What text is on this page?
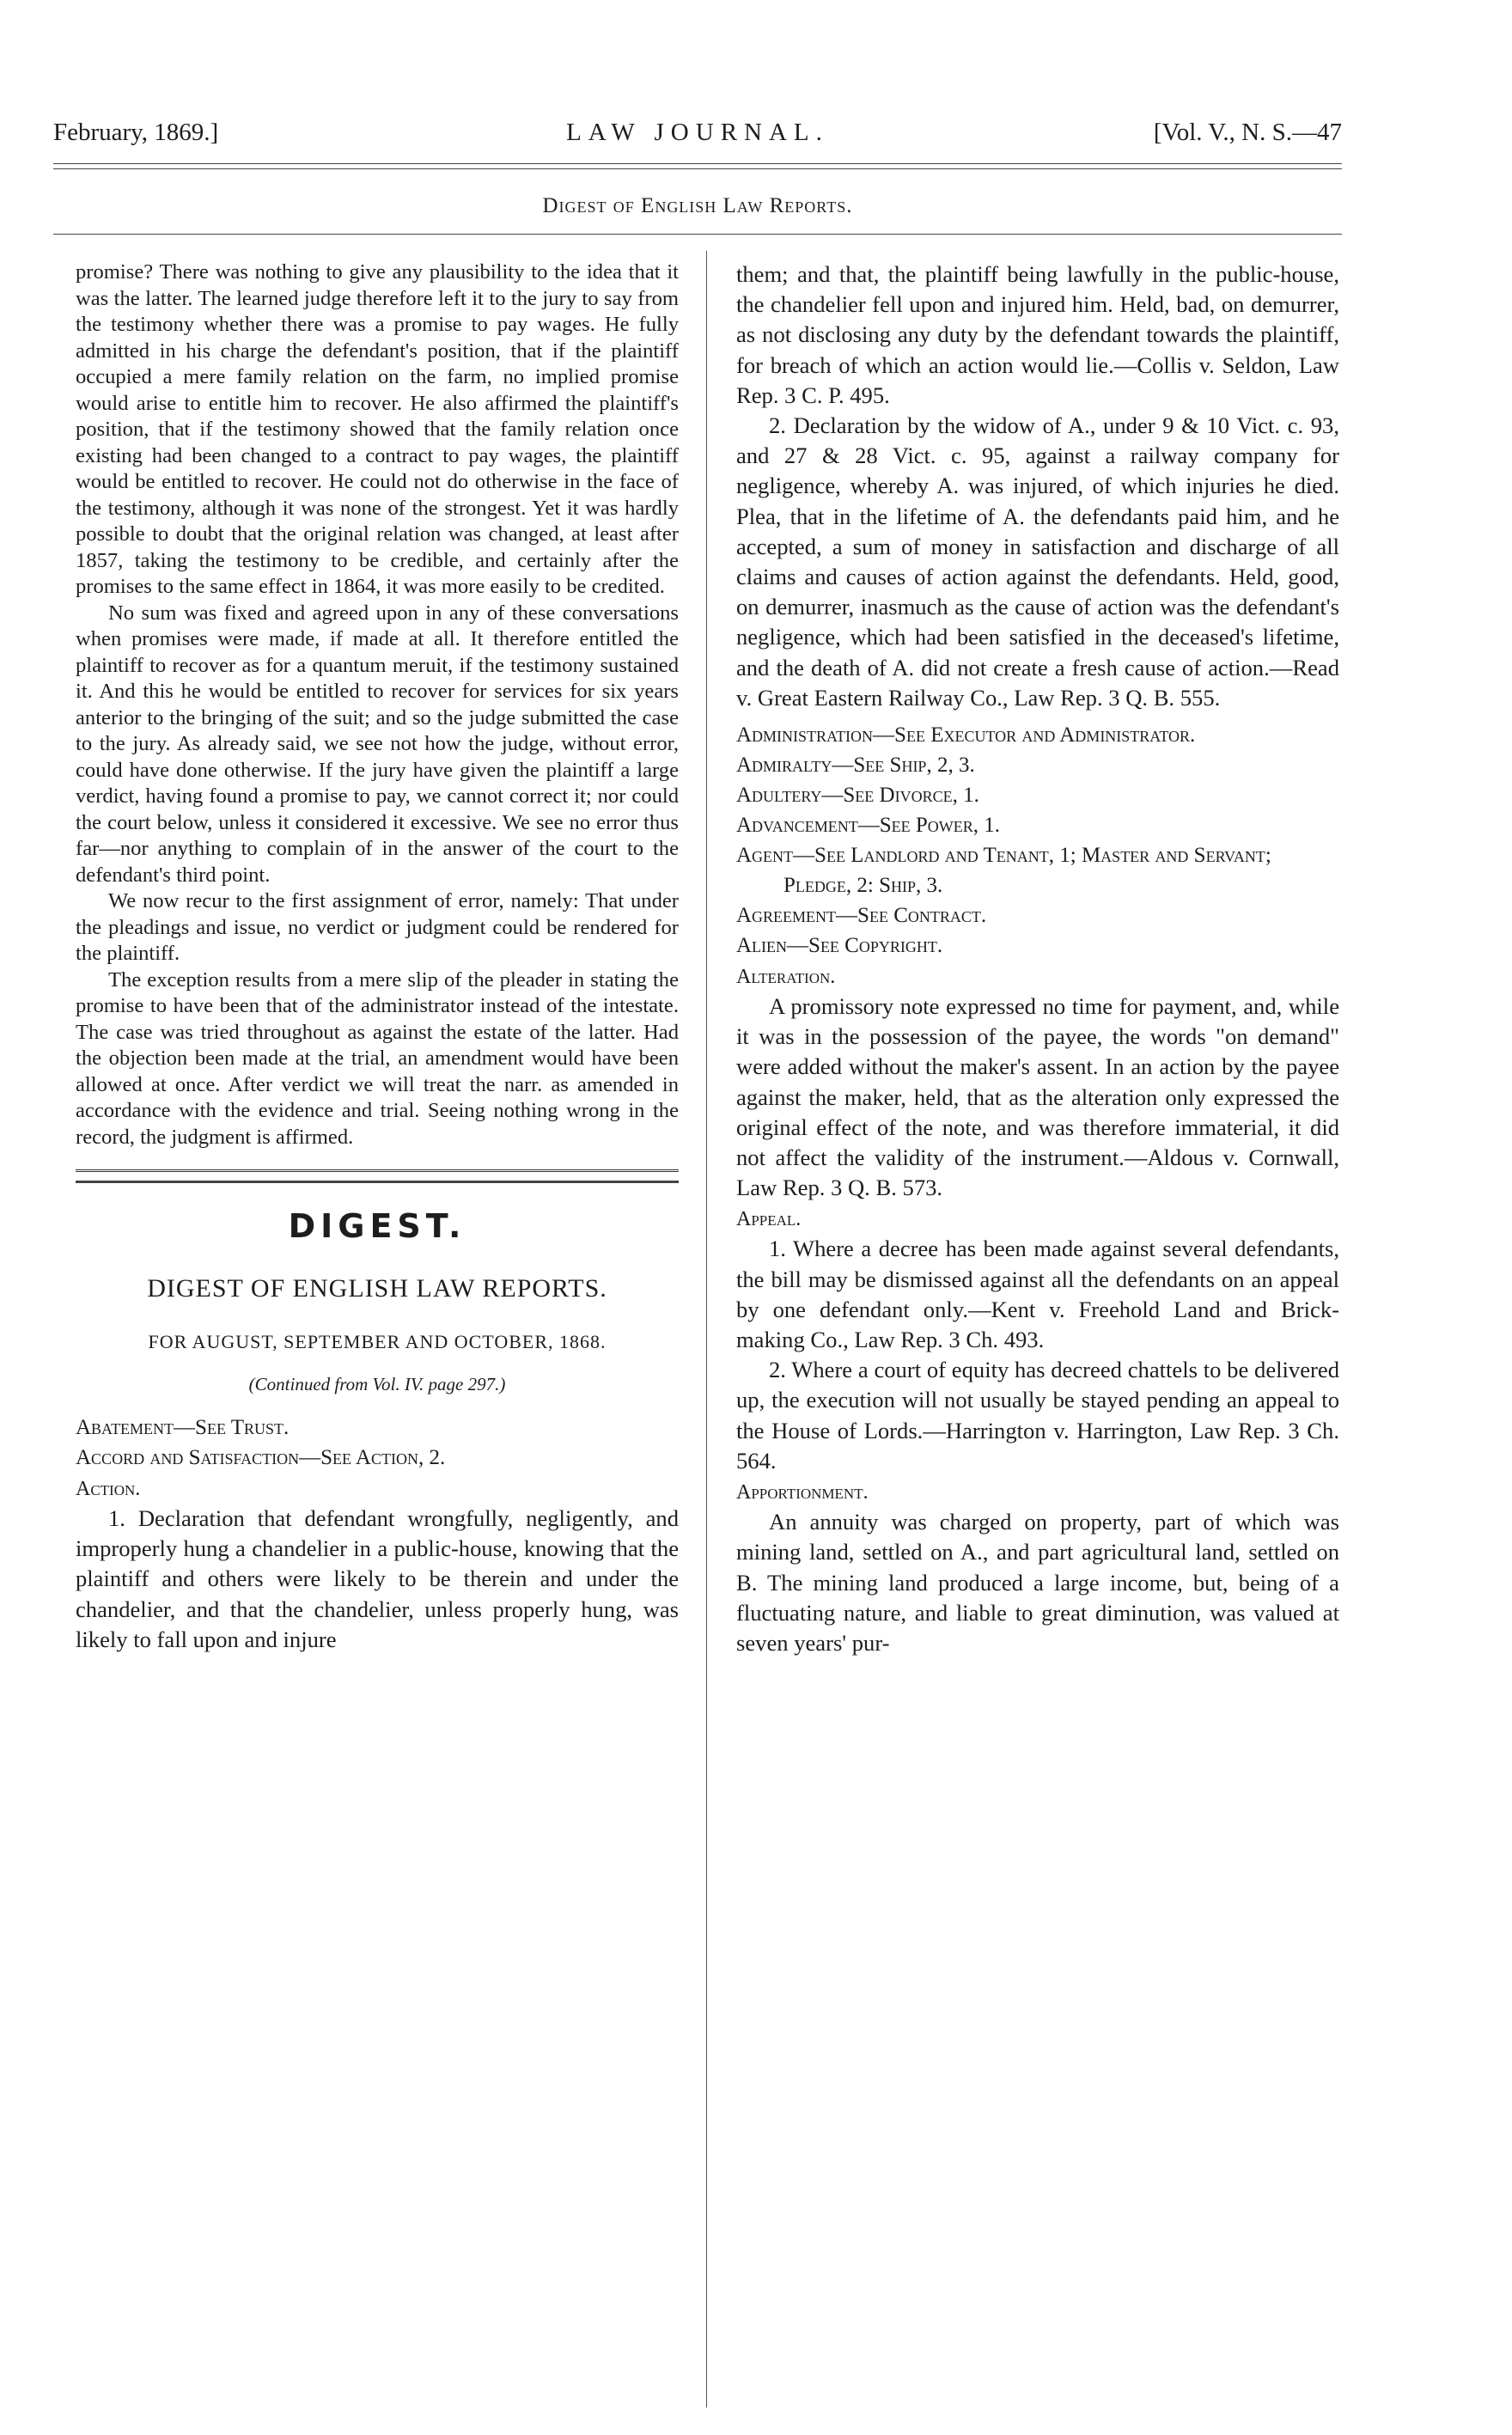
February, 1869.]	LAW JOURNAL.	[Vol. V., N. S.—47
Digest of English Law Reports.

promise? There was nothing to give any plausibility to the idea that it was the latter. The learned judge therefore left it to the jury to say from the testimony whether there was a promise to pay wages. He fully admitted in his charge the defendant's position, that if the plaintiff occupied a mere family relation on the farm, no implied promise would arise to entitle him to recover. He also affirmed the plaintiff's position, that if the testimony showed that the family relation once existing had been changed to a contract to pay wages, the plaintiff would be entitled to recover. He could not do otherwise in the face of the testimony, although it was none of the strongest. Yet it was hardly possible to doubt that the original relation was changed, at least after 1857, taking the testimony to be credible, and certainly after the promises to the same effect in 1864, it was more easily to be credited.

No sum was fixed and agreed upon in any of these conversations when promises were made, if made at all. It therefore entitled the plaintiff to recover as for a quantum meruit, if the testimony sustained it. And this he would be entitled to recover for services for six years anterior to the bringing of the suit; and so the judge submitted the case to the jury. As already said, we see not how the judge, without error, could have done otherwise. If the jury have given the plaintiff a large verdict, having found a promise to pay, we cannot correct it; nor could the court below, unless it considered it excessive. We see no error thus far—nor anything to complain of in the answer of the court to the defendant's third point.

We now recur to the first assignment of error, namely: That under the pleadings and issue, no verdict or judgment could be rendered for the plaintiff.

The exception results from a mere slip of the pleader in stating the promise to have been that of the administrator instead of the intestate. The case was tried throughout as against the estate of the latter. Had the objection been made at the trial, an amendment would have been allowed at once. After verdict we will treat the narr. as amended in accordance with the evidence and trial. Seeing nothing wrong in the record, the judgment is affirmed.

DIGEST.
DIGEST OF ENGLISH LAW REPORTS.
FOR AUGUST, SEPTEMBER AND OCTOBER, 1868.
(Continued from Vol. IV. page 297.)

Abatement—See Trust.

Accord and Satisfaction—See Action, 2.

Action.

1. Declaration that defendant wrongfully, negligently, and improperly hung a chandelier in a public-house, knowing that the plaintiff and others were likely to be therein and under the chandelier, and that the chandelier, unless properly hung, was likely to fall upon and injure

them; and that, the plaintiff being lawfully in the public-house, the chandelier fell upon and injured him. Held, bad, on demurrer, as not disclosing any duty by the defendant towards the plaintiff, for breach of which an action would lie.—Collis v. Seldon, Law Rep. 3 C. P. 495.

2. Declaration by the widow of A., under 9 & 10 Vict. c. 93, and 27 & 28 Vict. c. 95, against a railway company for negligence, whereby A. was injured, of which injuries he died. Plea, that in the lifetime of A. the defendants paid him, and he accepted, a sum of money in satisfaction and discharge of all claims and causes of action against the defendants. Held, good, on demurrer, inasmuch as the cause of action was the defendant's negligence, which had been satisfied in the deceased's lifetime, and the death of A. did not create a fresh cause of action.—Read v. Great Eastern Railway Co., Law Rep. 3 Q. B. 555.

Administration—See Executor and Administrator.

Admiralty—See Ship, 2, 3.

Adultery—See Divorce, 1.

Advancement—See Power, 1.

Agent—See Landlord and Tenant, 1; Master and Servant; Pledge, 2: Ship, 3.

Agreement—See Contract.

Alien—See Copyright.

Alteration.

A promissory note expressed no time for payment, and, while it was in the possession of the payee, the words "on demand" were added without the maker's assent. In an action by the payee against the maker, held, that as the alteration only expressed the original effect of the note, and was therefore immaterial, it did not affect the validity of the instrument.—Aldous v. Cornwall, Law Rep. 3 Q. B. 573.

Appeal.

1. Where a decree has been made against several defendants, the bill may be dismissed against all the defendants on an appeal by one defendant only.—Kent v. Freehold Land and Brick-making Co., Law Rep. 3 Ch. 493.

2. Where a court of equity has decreed chattels to be delivered up, the execution will not usually be stayed pending an appeal to the House of Lords.—Harrington v. Harrington, Law Rep. 3 Ch. 564.

Apportionment.

An annuity was charged on property, part of which was mining land, settled on A., and part agricultural land, settled on B. The mining land produced a large income, but, being of a fluctuating nature, and liable to great diminution, was valued at seven years' pur-
